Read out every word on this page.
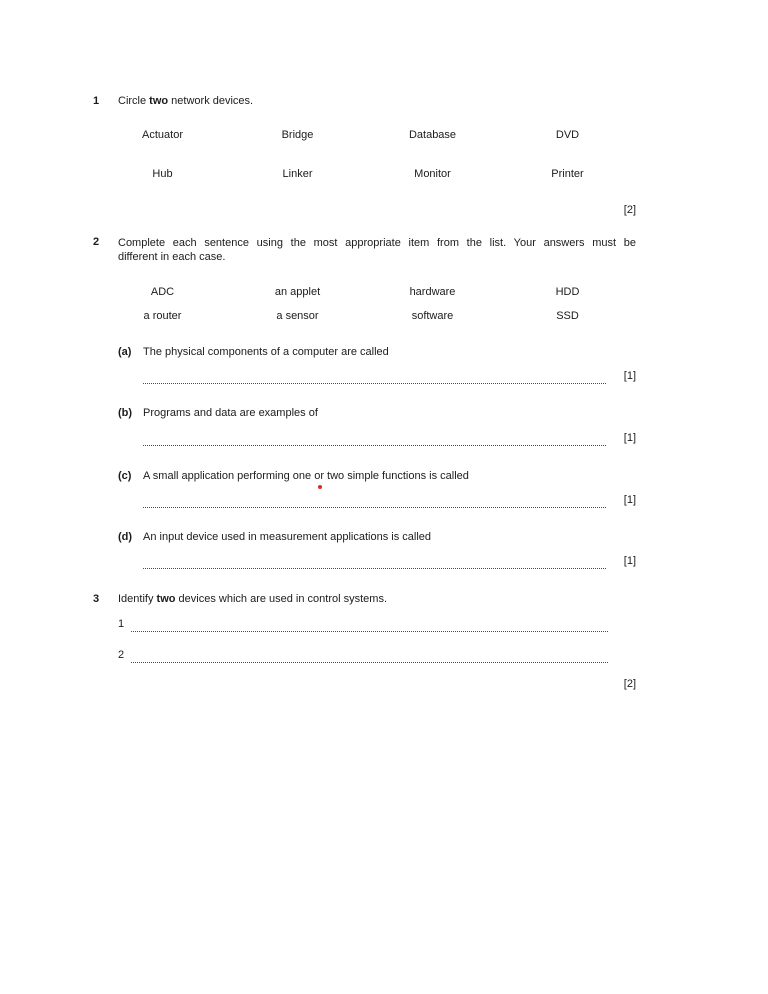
1	Circle two network devices.
Actuator	Bridge	Database	DVD
Hub	Linker	Monitor	Printer
[2]
2	Complete each sentence using the most appropriate item from the list. Your answers must be
different in each case.
ADC	an applet	hardware	HDD
a router	a sensor	software	SSD
(a)	The physical components of a computer are called
[1]
(b) Programs and data are examples of
[1]
(c)	A small application performing one or two simple functions is called
[1]
(d) An input device used in measurement applications is called
[1]
3	Identify two devices which are used in control systems.
1
2
[2]
